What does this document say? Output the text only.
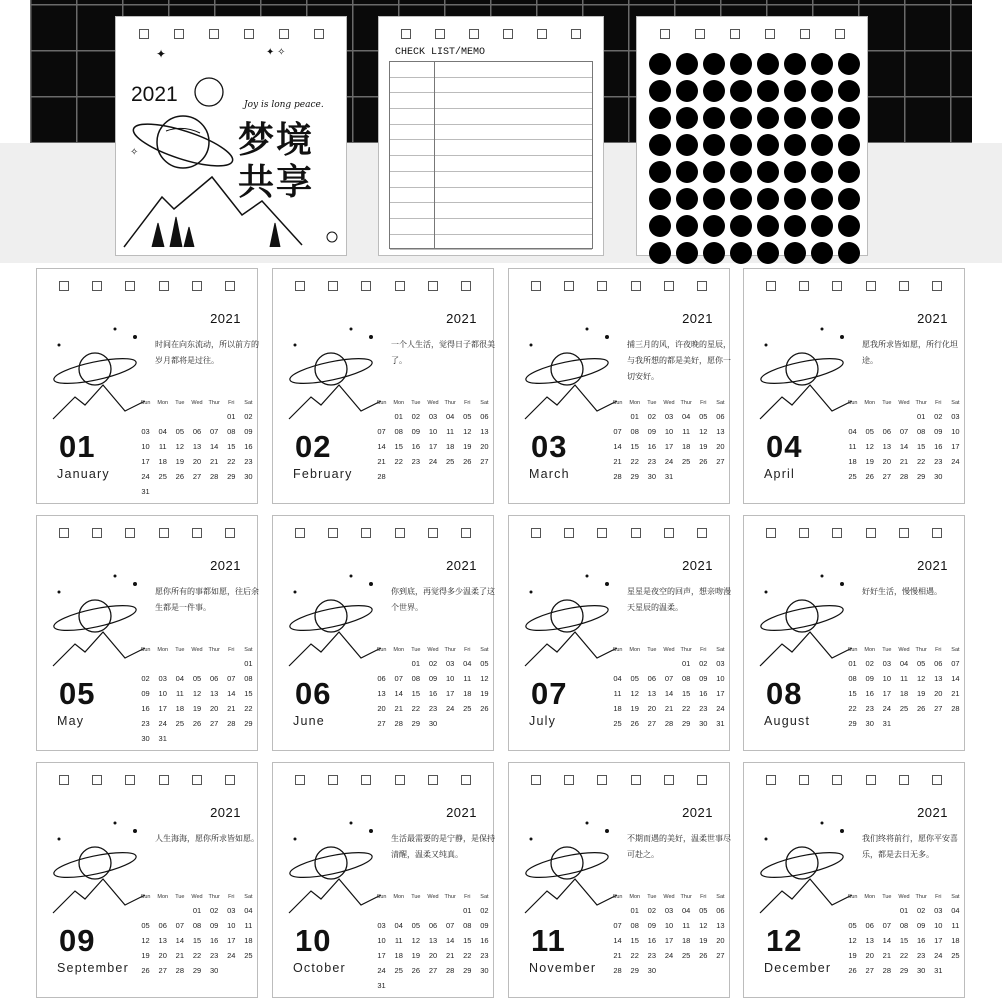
2021	Joy is long peace.
梦境共享
✦	✦ ✧
✧
CHECK LIST/MEMO
2021
时间在向东流动，所以前方的岁月都将是过往。
01
January
Sun	Mon	Tue	Wed	Thur	Fri	Sat
					01	02
03	04	05	06	07	08	09
10	11	12	13	14	15	16
17	18	19	20	21	22	23
24	25	26	27	28	29	30
31						
2021
一个人生活，觉得日子都很美了。
02
February
Sun	Mon	Tue	Wed	Thur	Fri	Sat
	01	02	03	04	05	06
07	08	09	10	11	12	13
14	15	16	17	18	19	20
21	22	23	24	25	26	27
28						
2021
捕三月的风，许夜晚的星辰，与我所想的都是美好，愿你一切安好。
03
March
Sun	Mon	Tue	Wed	Thur	Fri	Sat
	01	02	03	04	05	06
07	08	09	10	11	12	13
14	15	16	17	18	19	20
21	22	23	24	25	26	27
28	29	30	31			
2021
愿我所求皆如愿，所行化坦途。
04
April
Sun	Mon	Tue	Wed	Thur	Fri	Sat
				01	02	03
04	05	06	07	08	09	10
11	12	13	14	15	16	17
18	19	20	21	22	23	24
25	26	27	28	29	30	
2021
愿你所有的事都如愿，往后余生都是一件事。
05
May
Sun	Mon	Tue	Wed	Thur	Fri	Sat
						01
02	03	04	05	06	07	08
09	10	11	12	13	14	15
16	17	18	19	20	21	22
23	24	25	26	27	28	29
30	31					
2021
你到底，再觉得多少温柔了这个世界。
06
June
Sun	Mon	Tue	Wed	Thur	Fri	Sat
		01	02	03	04	05
06	07	08	09	10	11	12
13	14	15	16	17	18	19
20	21	22	23	24	25	26
27	28	29	30			
2021
星星是夜空的回声，想亲吻漫天星辰的温柔。
07
July
Sun	Mon	Tue	Wed	Thur	Fri	Sat
				01	02	03
04	05	06	07	08	09	10
11	12	13	14	15	16	17
18	19	20	21	22	23	24
25	26	27	28	29	30	31
2021
好好生活，慢慢相遇。
08
August
Sun	Mon	Tue	Wed	Thur	Fri	Sat
01	02	03	04	05	06	07
08	09	10	11	12	13	14
15	16	17	18	19	20	21
22	23	24	25	26	27	28
29	30	31				
2021
人生海海，愿你所求皆如愿。
09
September
Sun	Mon	Tue	Wed	Thur	Fri	Sat
			01	02	03	04
05	06	07	08	09	10	11
12	13	14	15	16	17	18
19	20	21	22	23	24	25
26	27	28	29	30		
2021
生活最需要的是宁静，是保持清醒，温柔又纯真。
10
October
Sun	Mon	Tue	Wed	Thur	Fri	Sat
					01	02
03	04	05	06	07	08	09
10	11	12	13	14	15	16
17	18	19	20	21	22	23
24	25	26	27	28	29	30
31						
2021
不期而遇的美好，温柔世事尽可赴之。
11
November
Sun	Mon	Tue	Wed	Thur	Fri	Sat
	01	02	03	04	05	06
07	08	09	10	11	12	13
14	15	16	17	18	19	20
21	22	23	24	25	26	27
28	29	30				
2021
我们终将前行，愿你平安喜乐，都是去日无多。
12
December
Sun	Mon	Tue	Wed	Thur	Fri	Sat
			01	02	03	04
05	06	07	08	09	10	11
12	13	14	15	16	17	18
19	20	21	22	23	24	25
26	27	28	29	30	31	
